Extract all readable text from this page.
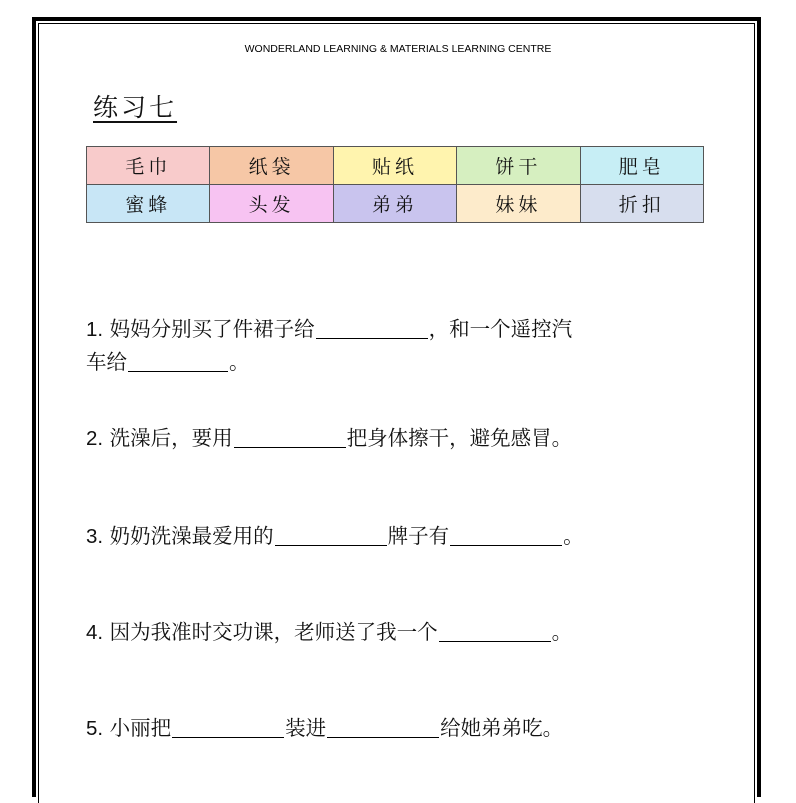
WONDERLAND LEARNING & MATERIALS LEARNING CENTRE
练习七
毛巾	纸袋	贴纸	饼干	肥皂
蜜蜂	头发	弟弟	妹妹	折扣
1. 妈妈分别买了件裙子给	，和一个遥控汽
车给	。
2. 洗澡后，要用	把身体擦干，避免感冒。
3. 奶奶洗澡最爱用的	牌子有	。
4. 因为我准时交功课，老师送了我一个	。
5. 小丽把	装进	给她弟弟吃。
